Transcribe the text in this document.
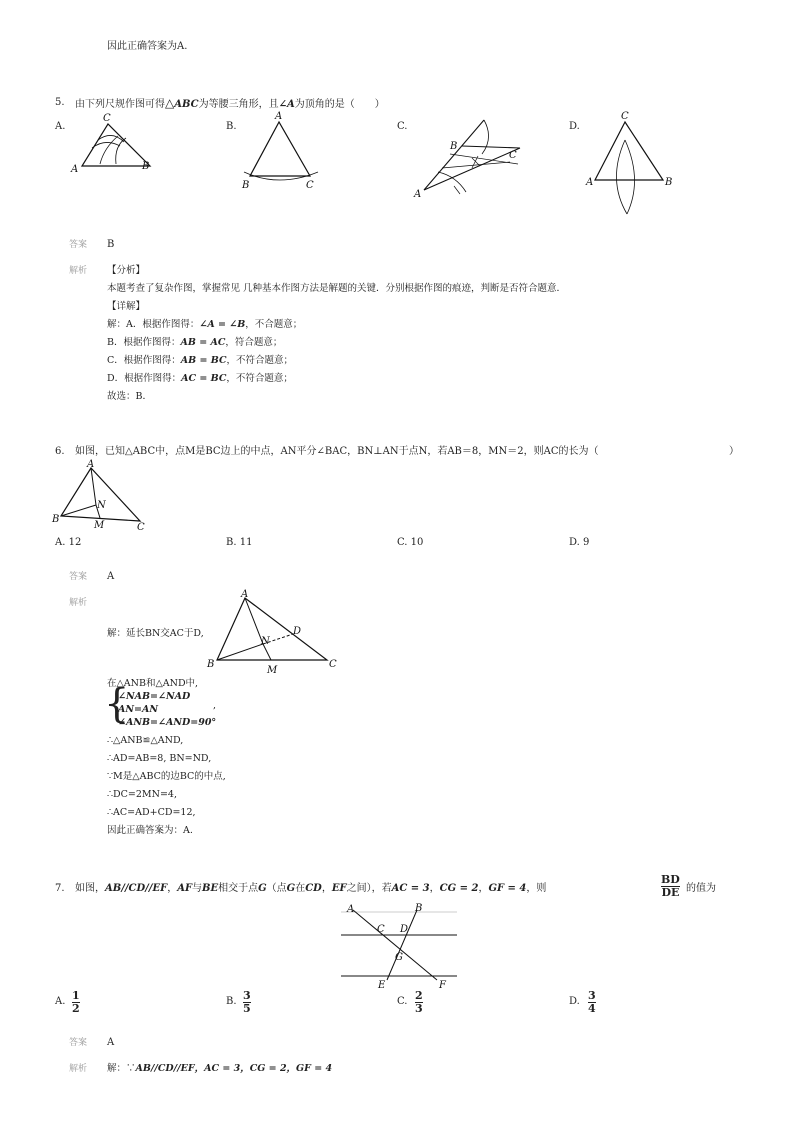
因此正确答案为A.
5. 由下列尺规作图可得△ABC为等腰三角形，且∠A为顶角的是（　　）
A.	B.	C.	D.
C
A	B
A
B	C
B
C
A
C
A	B
答案 B
解析 【分析】
本题考查了复杂作图，掌握常见 几种基本作图方法是解题的关键．分别根据作图的痕迹，判断是否符合题意．
【详解】
解：A．根据作图得：∠A = ∠B，不合题意；
B．根据作图得：AB = AC，符合题意；
C．根据作图得：AB = BC，不符合题意；
D．根据作图得：AC = BC，不符合题意；
故选：B．
6. 如图，已知△ABC中，点M是BC边上的中点，AN平分∠BAC，BN⊥AN于点N，若AB＝8，MN＝2，则AC的长为（	）
A
N
B
M	C
A. 12	B. 11	C. 10	D. 9
答案 A
解析
解：延长BN交AC于D,
A
D
N
B	C
M
在△ANB和△AND中,
{
∠NAB=∠NAD
AN=AN
∠ANB=∠AND=90°
,
∴△ANB≌△AND,
∴AD=AB=8, BN=ND,
∵M是△ABC的边BC的中点,
∴DC=2MN=4,
∴AC=AD+CD=12,
因此正确答案为：A.
7. 如图，AB//CD//EF，AF与BE相交于点G（点G在CD，EF之间），若AC = 3，CG = 2，GF = 4，则
BD
DE 的值为
A	B
C D
G
E	F
A. 1
2
B. 3
5
C. 2
3
D. 3
4
答案 A
解析 解：∵AB//CD//EF，AC = 3，CG = 2，GF = 4
